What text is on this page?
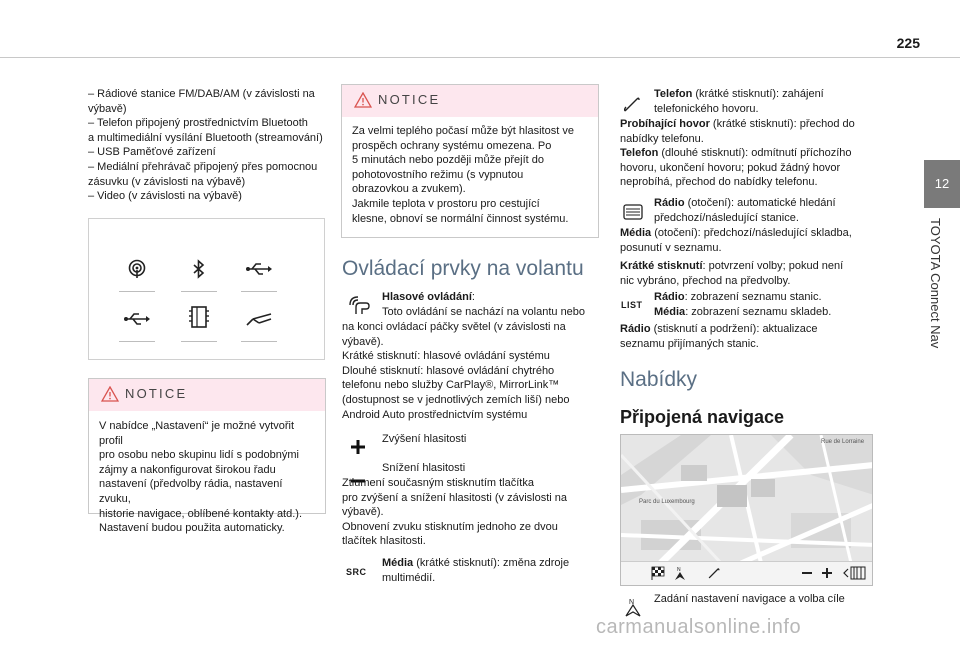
225
12
TOYOTA Connect Nav
– Rádiové stanice FM/DAB/AM (v závislosti na
výbavě)
– Telefon připojený prostřednictvím Bluetooth
a multimediální vysílání Bluetooth (streamování)
– USB Paměťové zařízení
– Mediální přehrávač připojený přes pomocnou
zásuvku (v závislosti na výbavě)
– Video (v závislosti na výbavě)
NOTICE
V nabídce „Nastavení“ je možné vytvořit profil
pro osobu nebo skupinu lidí s podobnými
zájmy a nakonfigurovat širokou řadu
nastavení (předvolby rádia, nastavení zvuku,
historie navigace, oblíbené kontakty atd.).
Nastavení budou použita automaticky.
NOTICE
Za velmi teplého počasí může být hlasitost ve
prospěch ochrany systému omezena. Po
5 minutách nebo později může přejít do
pohotovostního režimu (s vypnutou
obrazovkou a zvukem).
Jakmile teplota v prostoru pro cestující
klesne, obnoví se normální činnost systému.
Ovládací prvky na volantu
Hlasové ovládání:
Toto ovládání se nachází na volantu nebo
na konci ovládací páčky světel (v závislosti na
výbavě).
Krátké stisknutí: hlasové ovládání systému
Dlouhé stisknutí: hlasové ovládání chytrého
telefonu nebo služby CarPlay®, MirrorLink™
(dostupnost se v jednotlivých zemích liší) nebo
Android Auto prostřednictvím systému
Zvýšení hlasitosti
Snížení hlasitosti
Ztlumení současným stisknutím tlačítka
pro zvýšení a snížení hlasitosti (v závislosti na
výbavě).
Obnovení zvuku stisknutím jednoho ze dvou
tlačítek hlasitosti.
SRC
Média (krátké stisknutí): změna zdroje
multimédií.
Telefon (krátké stisknutí): zahájení
telefonického hovoru.
Probíhající hovor (krátké stisknutí): přechod do
nabídky telefonu.
Telefon (dlouhé stisknutí): odmítnutí příchozího
hovoru, ukončení hovoru; pokud žádný hovor
neprobíhá, přechod do nabídky telefonu.
Rádio (otočení): automatické hledání
předchozí/následující stanice.
Média (otočení): předchozí/následující skladba,
posunutí v seznamu.
Krátké stisknutí: potvrzení volby; pokud není
nic vybráno, přechod na předvolby.
LIST
Rádio: zobrazení seznamu stanic.
Média: zobrazení seznamu skladeb.
Rádio (stisknutí a podržení): aktualizace
seznamu přijímaných stanic.
Nabídky
Připojená navigace
Rue de Lorraine
Parc du Luxembourg
N
N Zadání nastavení navigace a volba cíle
carmanualsonline.info
